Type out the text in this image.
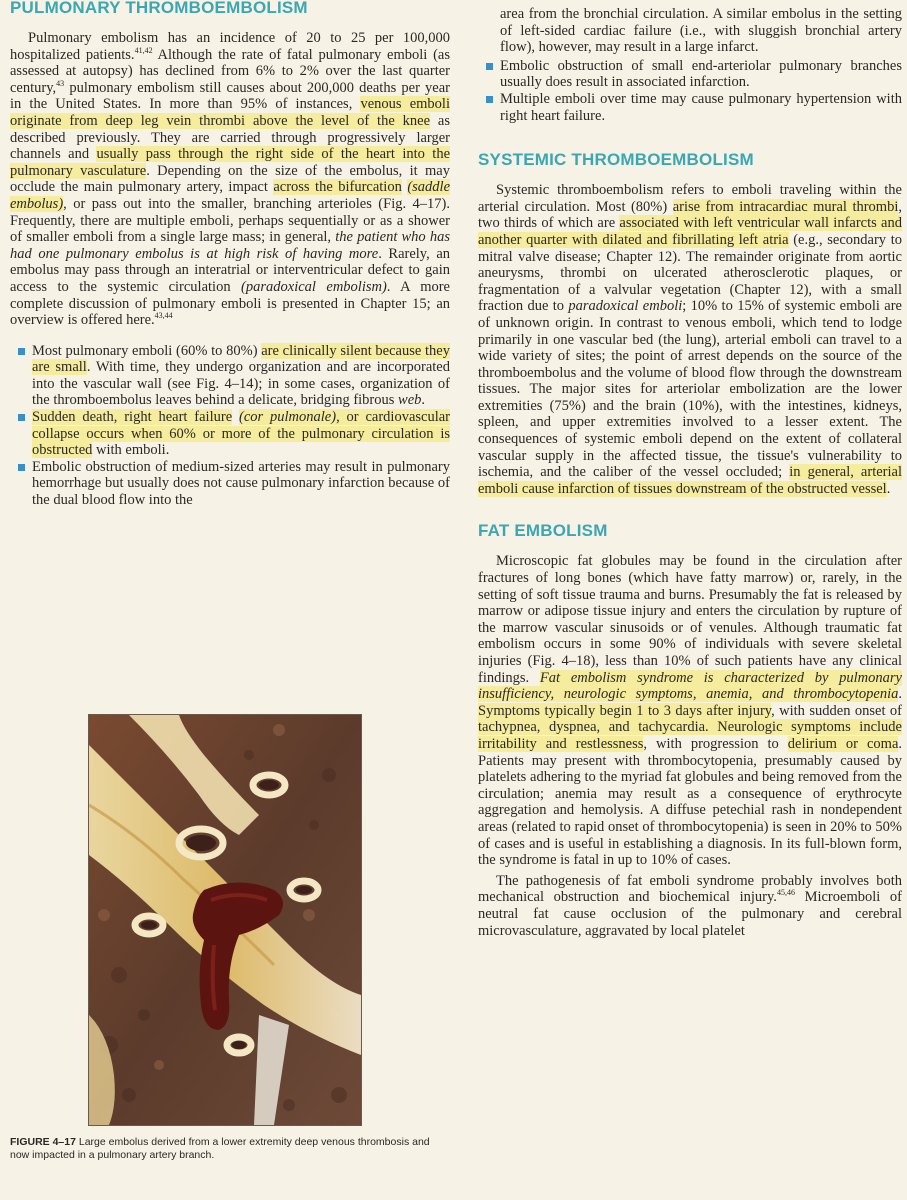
PULMONARY THROMBOEMBOLISM

Pulmonary embolism has an incidence of 20 to 25 per 100,000 hospitalized patients.$^{41,42}$ Although the rate of fatal pulmonary emboli (as assessed at autopsy) has declined from 6% to 2% over the last quarter century,$^{43}$ pulmonary embolism still causes about 200,000 deaths per year in the United States. In more than 95% of instances, venous emboli originate from deep leg vein thrombi above the level of the knee as described previously. They are carried through progressively larger channels and usually pass through the right side of the heart into the pulmonary vasculature. Depending on the size of the embolus, it may occlude the main pulmonary artery, impact across the bifurcation (saddle embolus), or pass out into the smaller, branching arterioles (Fig. 4–17). Frequently, there are multiple emboli, perhaps sequentially or as a shower of smaller emboli from a single large mass; in general, the patient who has had one pulmonary embolus is at high risk of having more. Rarely, an embolus may pass through an interatrial or interventricular defect to gain access to the systemic circulation (paradoxical embolism). A more complete discussion of pulmonary emboli is presented in Chapter 15; an overview is offered here.$^{43,44}$

Most pulmonary emboli (60% to 80%) are clinically silent because they are small. With time, they undergo organization and are incorporated into the vascular wall (see Fig. 4–14); in some cases, organization of the thromboembolus leaves behind a delicate, bridging fibrous web.
Sudden death, right heart failure (cor pulmonale), or cardiovascular collapse occurs when 60% or more of the pulmonary circulation is obstructed with emboli.
Embolic obstruction of medium-sized arteries may result in pulmonary hemorrhage but usually does not cause pulmonary infarction because of the dual blood flow into the
FIGURE 4–17 Large embolus derived from a lower extremity deep venous thrombosis and now impacted in a pulmonary artery branch.

area from the bronchial circulation. A similar embolus in the setting of left-sided cardiac failure (i.e., with sluggish bronchial artery flow), however, may result in a large infarct.

Embolic obstruction of small end-arteriolar pulmonary branches usually does result in associated infarction.
Multiple emboli over time may cause pulmonary hypertension with right heart failure.
SYSTEMIC THROMBOEMBOLISM

Systemic thromboembolism refers to emboli traveling within the arterial circulation. Most (80%) arise from intracardiac mural thrombi, two thirds of which are associated with left ventricular wall infarcts and another quarter with dilated and fibrillating left atria (e.g., secondary to mitral valve disease; Chapter 12). The remainder originate from aortic aneurysms, thrombi on ulcerated atherosclerotic plaques, or fragmentation of a valvular vegetation (Chapter 12), with a small fraction due to paradoxical emboli; 10% to 15% of systemic emboli are of unknown origin. In contrast to venous emboli, which tend to lodge primarily in one vascular bed (the lung), arterial emboli can travel to a wide variety of sites; the point of arrest depends on the source of the thromboembolus and the volume of blood flow through the downstream tissues. The major sites for arteriolar embolization are the lower extremities (75%) and the brain (10%), with the intestines, kidneys, spleen, and upper extremities involved to a lesser extent. The consequences of systemic emboli depend on the extent of collateral vascular supply in the affected tissue, the tissue's vulnerability to ischemia, and the caliber of the vessel occluded; in general, arterial emboli cause infarction of tissues downstream of the obstructed vessel.

FAT EMBOLISM

Microscopic fat globules may be found in the circulation after fractures of long bones (which have fatty marrow) or, rarely, in the setting of soft tissue trauma and burns. Presumably the fat is released by marrow or adipose tissue injury and enters the circulation by rupture of the marrow vascular sinusoids or of venules. Although traumatic fat embolism occurs in some 90% of individuals with severe skeletal injuries (Fig. 4–18), less than 10% of such patients have any clinical findings. Fat embolism syndrome is characterized by pulmonary insufficiency, neurologic symptoms, anemia, and thrombocytopenia. Symptoms typically begin 1 to 3 days after injury, with sudden onset of tachypnea, dyspnea, and tachycardia. Neurologic symptoms include irritability and restlessness, with progression to delirium or coma. Patients may present with thrombocytopenia, presumably caused by platelets adhering to the myriad fat globules and being removed from the circulation; anemia may result as a consequence of erythrocyte aggregation and hemolysis. A diffuse petechial rash in nondependent areas (related to rapid onset of thrombocytopenia) is seen in 20% to 50% of cases and is useful in establishing a diagnosis. In its full-blown form, the syndrome is fatal in up to 10% of cases.

The pathogenesis of fat emboli syndrome probably involves both mechanical obstruction and biochemical injury.$^{45,46}$ Microemboli of neutral fat cause occlusion of the pulmonary and cerebral microvasculature, aggravated by local platelet
